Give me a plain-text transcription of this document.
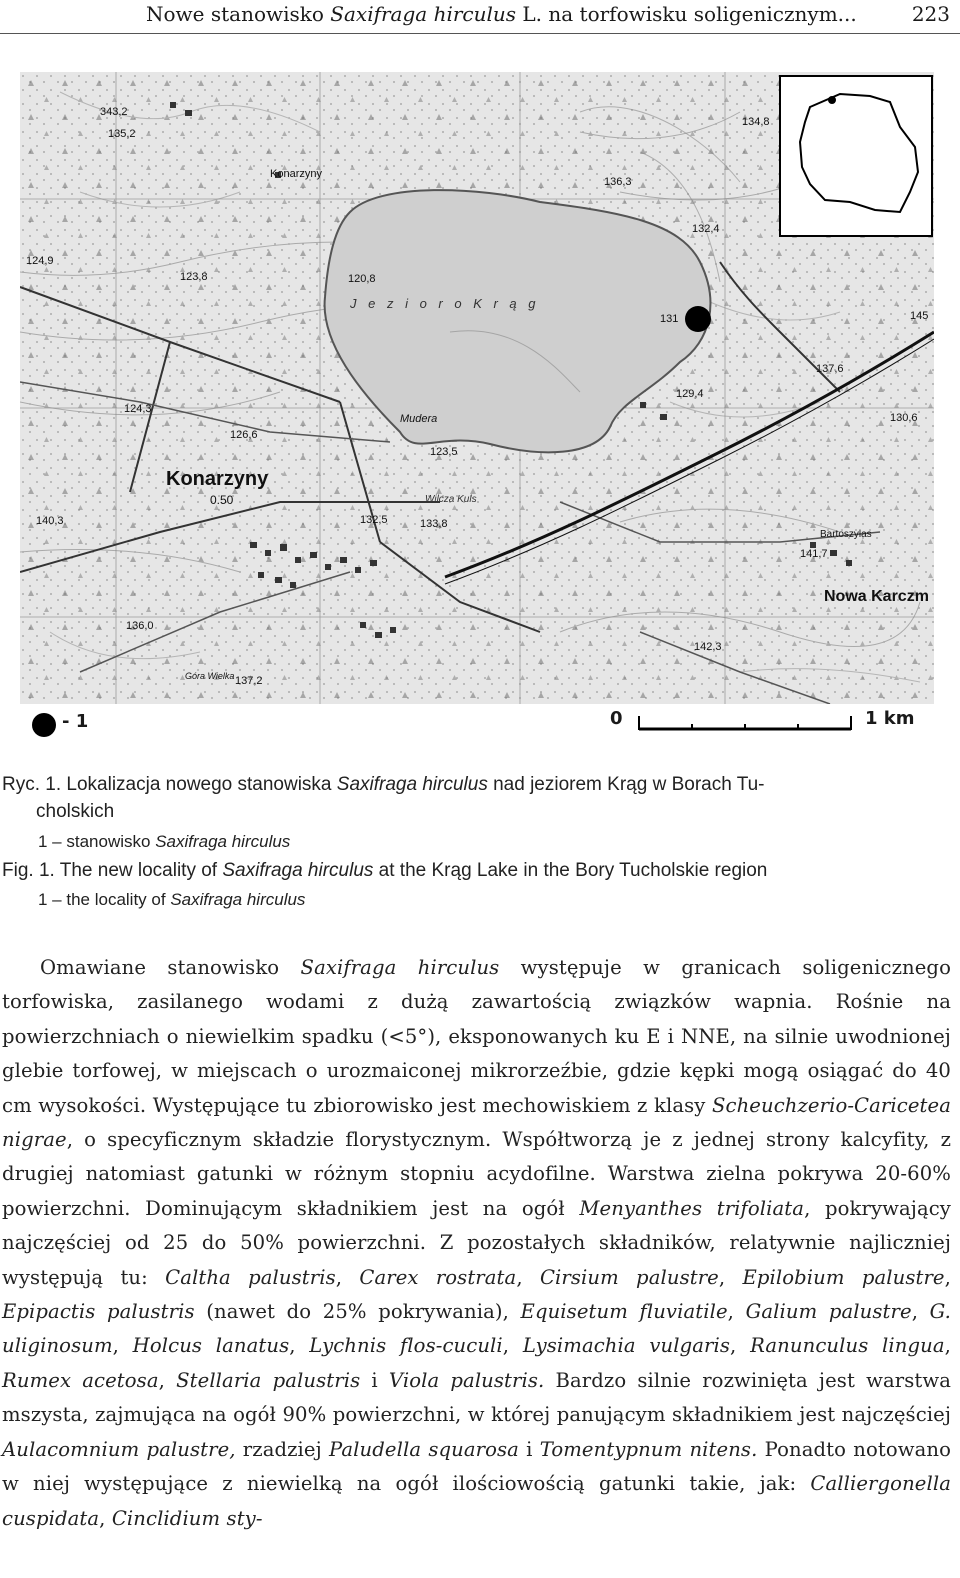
Nowe stanowisko Saxifraga hirculus L. na torfowisku soligenicznym...	223
343,2
135,2
136,3
124,9
123,8	120,8
132,4
131
129,4
137,6
130,6
126,6
124,3
123,5
140,3	133,8
132,5
141,7
136,0
142,3
137,2
134,8
145
J e z i o r o K r ą g
Konarzyny
0.50
Konarzyny
Mudera
Wilcza Kuls
Bartoszylas
Nowa Karczm
Góra Wielka
- 1	0	1 km
Ryc. 1. Lokalizacja nowego stanowiska Saxifraga hirculus nad jeziorem Krąg w Borach Tu-
cholskich
1 – stanowisko Saxifraga hirculus
Fig. 1. The new locality of Saxifraga hirculus at the Krąg Lake in the Bory Tucholskie region
1 – the locality of Saxifraga hirculus

Omawiane stanowisko Saxifraga hirculus występuje w granicach soligenicznego torfowiska, zasilanego wodami z dużą zawartością związków wapnia. Rośnie na powierzchniach o niewielkim spadku (<5°), eksponowanych ku E i NNE, na silnie uwodnionej glebie torfowej, w miejscach o urozmaiconej mikrorzeźbie, gdzie kępki mogą osiągać do 40 cm wysokości. Występujące tu zbiorowisko jest mechowiskiem z klasy Scheuchzerio-Caricetea nigrae, o specyficznym składzie florystycznym. Współtworzą je z jednej strony kalcyfity, z drugiej natomiast gatunki w różnym stopniu acydofilne. Warstwa zielna pokrywa 20-60% powierzchni. Dominującym składnikiem jest na ogół Menyanthes trifoliata, pokrywający najczęściej od 25 do 50% powierzchni. Z pozostałych składników, relatywnie najliczniej występują tu: Caltha palustris, Carex rostrata, Cirsium palustre, Epilobium palustre, Epipactis palustris (nawet do 25% pokrywania), Equisetum fluviatile, Galium palustre, G. uliginosum, Holcus lanatus, Lychnis flos-cuculi, Lysimachia vulgaris, Ranunculus lingua, Rumex acetosa, Stellaria palustris i Viola palustris. Bardzo silnie rozwinięta jest warstwa mszysta, zajmująca na ogół 90% powierzchni, w której panującym składnikiem jest najczęściej Aulacomnium palustre, rzadziej Paludella squarosa i Tomentypnum nitens. Ponadto notowano w niej występujące z niewielką na ogół ilościowością gatunki takie, jak: Calliergonella cuspidata, Cinclidium sty-
